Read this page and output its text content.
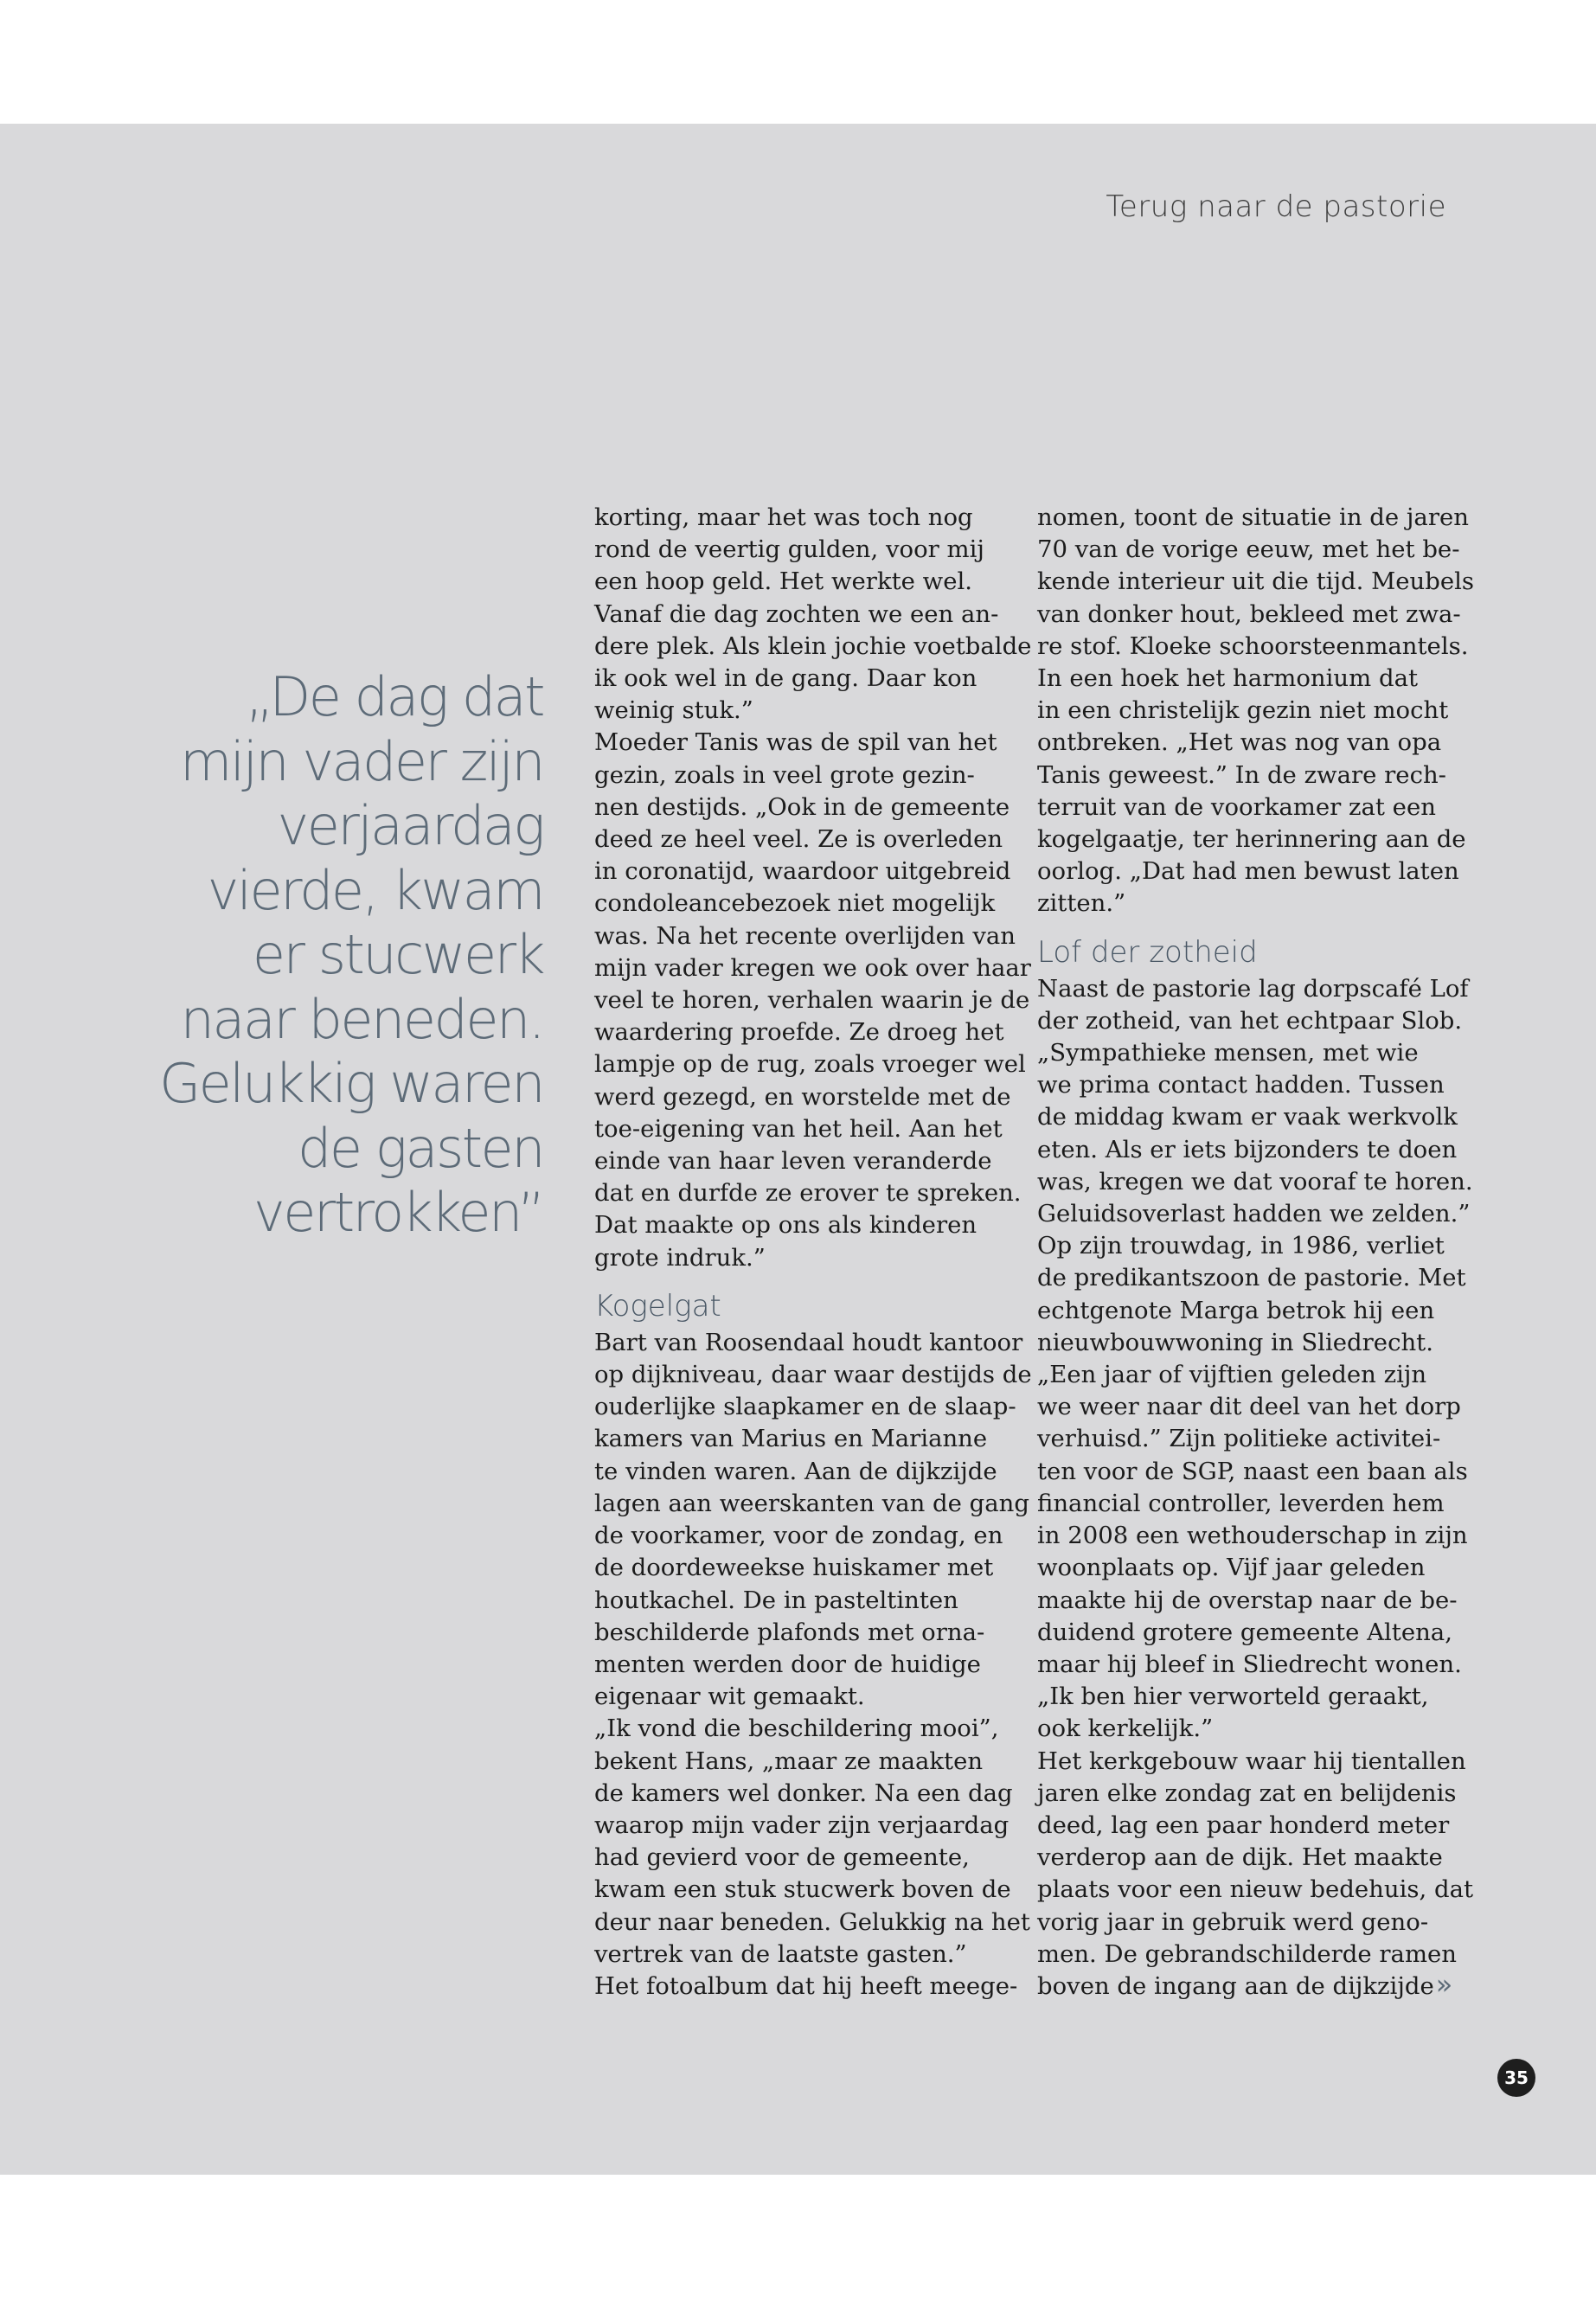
Terug naar de pastorie
„De dag dat
mijn vader zijn
verjaardag
vierde, kwam
er stucwerk
naar beneden.
Gelukkig waren
de gasten
vertrokken”
korting, maar het was toch nog
rond de veertig gulden, voor mij
een hoop geld. Het werkte wel.
Vanaf die dag zochten we een an-
dere plek. Als klein jochie voetbalde
ik ook wel in de gang. Daar kon
weinig stuk.”
Moeder Tanis was de spil van het
gezin, zoals in veel grote gezin-
nen destijds. „Ook in de gemeente
deed ze heel veel. Ze is overleden
in coronatijd, waardoor uitgebreid
condoleancebezoek niet mogelijk
was. Na het recente overlijden van
mijn vader kregen we ook over haar
veel te horen, verhalen waarin je de
waardering proefde. Ze droeg het
lampje op de rug, zoals vroeger wel
werd gezegd, en worstelde met de
toe-eigening van het heil. Aan het
einde van haar leven veranderde
dat en durfde ze erover te spreken.
Dat maakte op ons als kinderen
grote indruk.”
Kogelgat
Bart van Roosendaal houdt kantoor
op dijkniveau, daar waar destijds de
ouderlijke slaapkamer en de slaap-
kamers van Marius en Marianne
te vinden waren. Aan de dijkzijde
lagen aan weerskanten van de gang
de voorkamer, voor de zondag, en
de doordeweekse huiskamer met
houtkachel. De in pasteltinten
beschilderde plafonds met orna-
menten werden door de huidige
eigenaar wit gemaakt.
„Ik vond die beschildering mooi”,
bekent Hans, „maar ze maakten
de kamers wel donker. Na een dag
waarop mijn vader zijn verjaardag
had gevierd voor de gemeente,
kwam een stuk stucwerk boven de
deur naar beneden. Gelukkig na het
vertrek van de laatste gasten.”
Het fotoalbum dat hij heeft meege-
nomen, toont de situatie in de jaren
70 van de vorige eeuw, met het be-
kende interieur uit die tijd. Meubels
van donker hout, bekleed met zwa-
re stof. Kloeke schoorsteenmantels.
In een hoek het harmonium dat
in een christelijk gezin niet mocht
ontbreken. „Het was nog van opa
Tanis geweest.” In de zware rech-
terruit van de voorkamer zat een
kogelgaatje, ter herinnering aan de
oorlog. „Dat had men bewust laten
zitten.”
Lof der zotheid
Naast de pastorie lag dorpscafé Lof
der zotheid, van het echtpaar Slob.
„Sympathieke mensen, met wie
we prima contact hadden. Tussen
de middag kwam er vaak werkvolk
eten. Als er iets bijzonders te doen
was, kregen we dat vooraf te horen.
Geluidsoverlast hadden we zelden.”
Op zijn trouwdag, in 1986, verliet
de predikantszoon de pastorie. Met
echtgenote Marga betrok hij een
nieuwbouwwoning in Sliedrecht.
„Een jaar of vijftien geleden zijn
we weer naar dit deel van het dorp
verhuisd.” Zijn politieke activitei-
ten voor de SGP, naast een baan als
financial controller, leverden hem
in 2008 een wethouderschap in zijn
woonplaats op. Vijf jaar geleden
maakte hij de overstap naar de be-
duidend grotere gemeente Altena,
maar hij bleef in Sliedrecht wonen.
„Ik ben hier verworteld geraakt,
ook kerkelijk.”
Het kerkgebouw waar hij tientallen
jaren elke zondag zat en belijdenis
deed, lag een paar honderd meter
verderop aan de dijk. Het maakte
plaats voor een nieuw bedehuis, dat
vorig jaar in gebruik werd geno-
men. De gebrandschilderde ramen
boven de ingang aan de dijkzijde››
35
